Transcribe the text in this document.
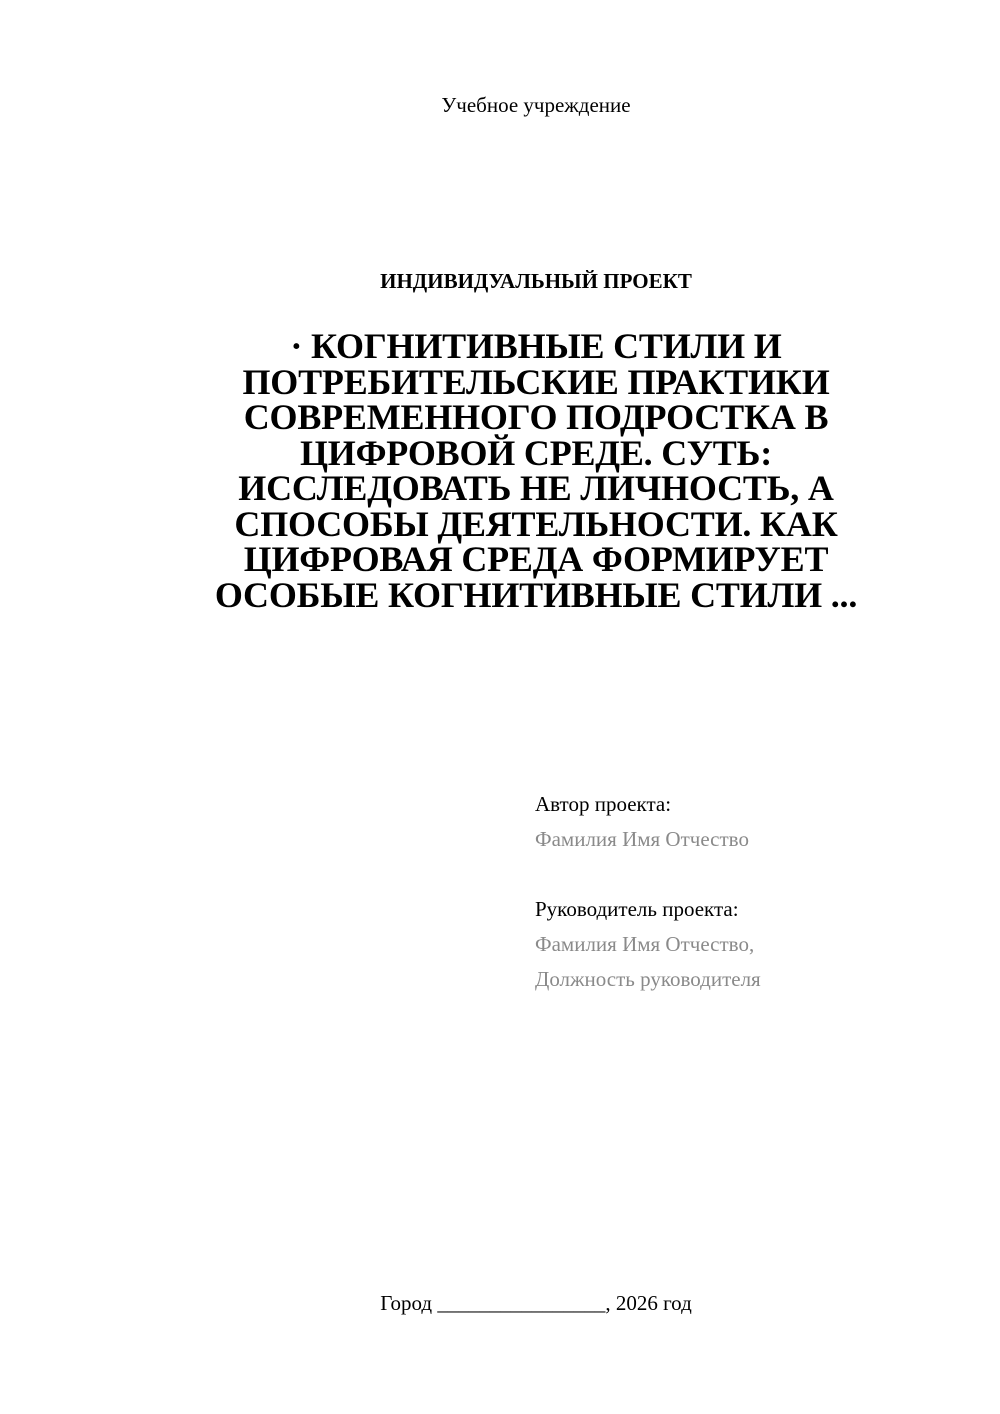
Учебное учреждение
ИНДИВИДУАЛЬНЫЙ ПРОЕКТ
· КОГНИТИВНЫЕ СТИЛИ И ПОТРЕБИТЕЛЬСКИЕ ПРАКТИКИ СОВРЕМЕННОГО ПОДРОСТКА В ЦИФРОВОЙ СРЕДЕ. СУТЬ: ИССЛЕДОВАТЬ НЕ ЛИЧНОСТЬ, А СПОСОБЫ ДЕЯТЕЛЬНОСТИ. КАК ЦИФРОВАЯ СРЕДА ФОРМИРУЕТ ОСОБЫЕ КОГНИТИВНЫЕ СТИЛИ ...
Автор проекта:
Фамилия Имя Отчество
Руководитель проекта:
Фамилия Имя Отчество,
Должность руководителя
Город ________________, 2026 год
